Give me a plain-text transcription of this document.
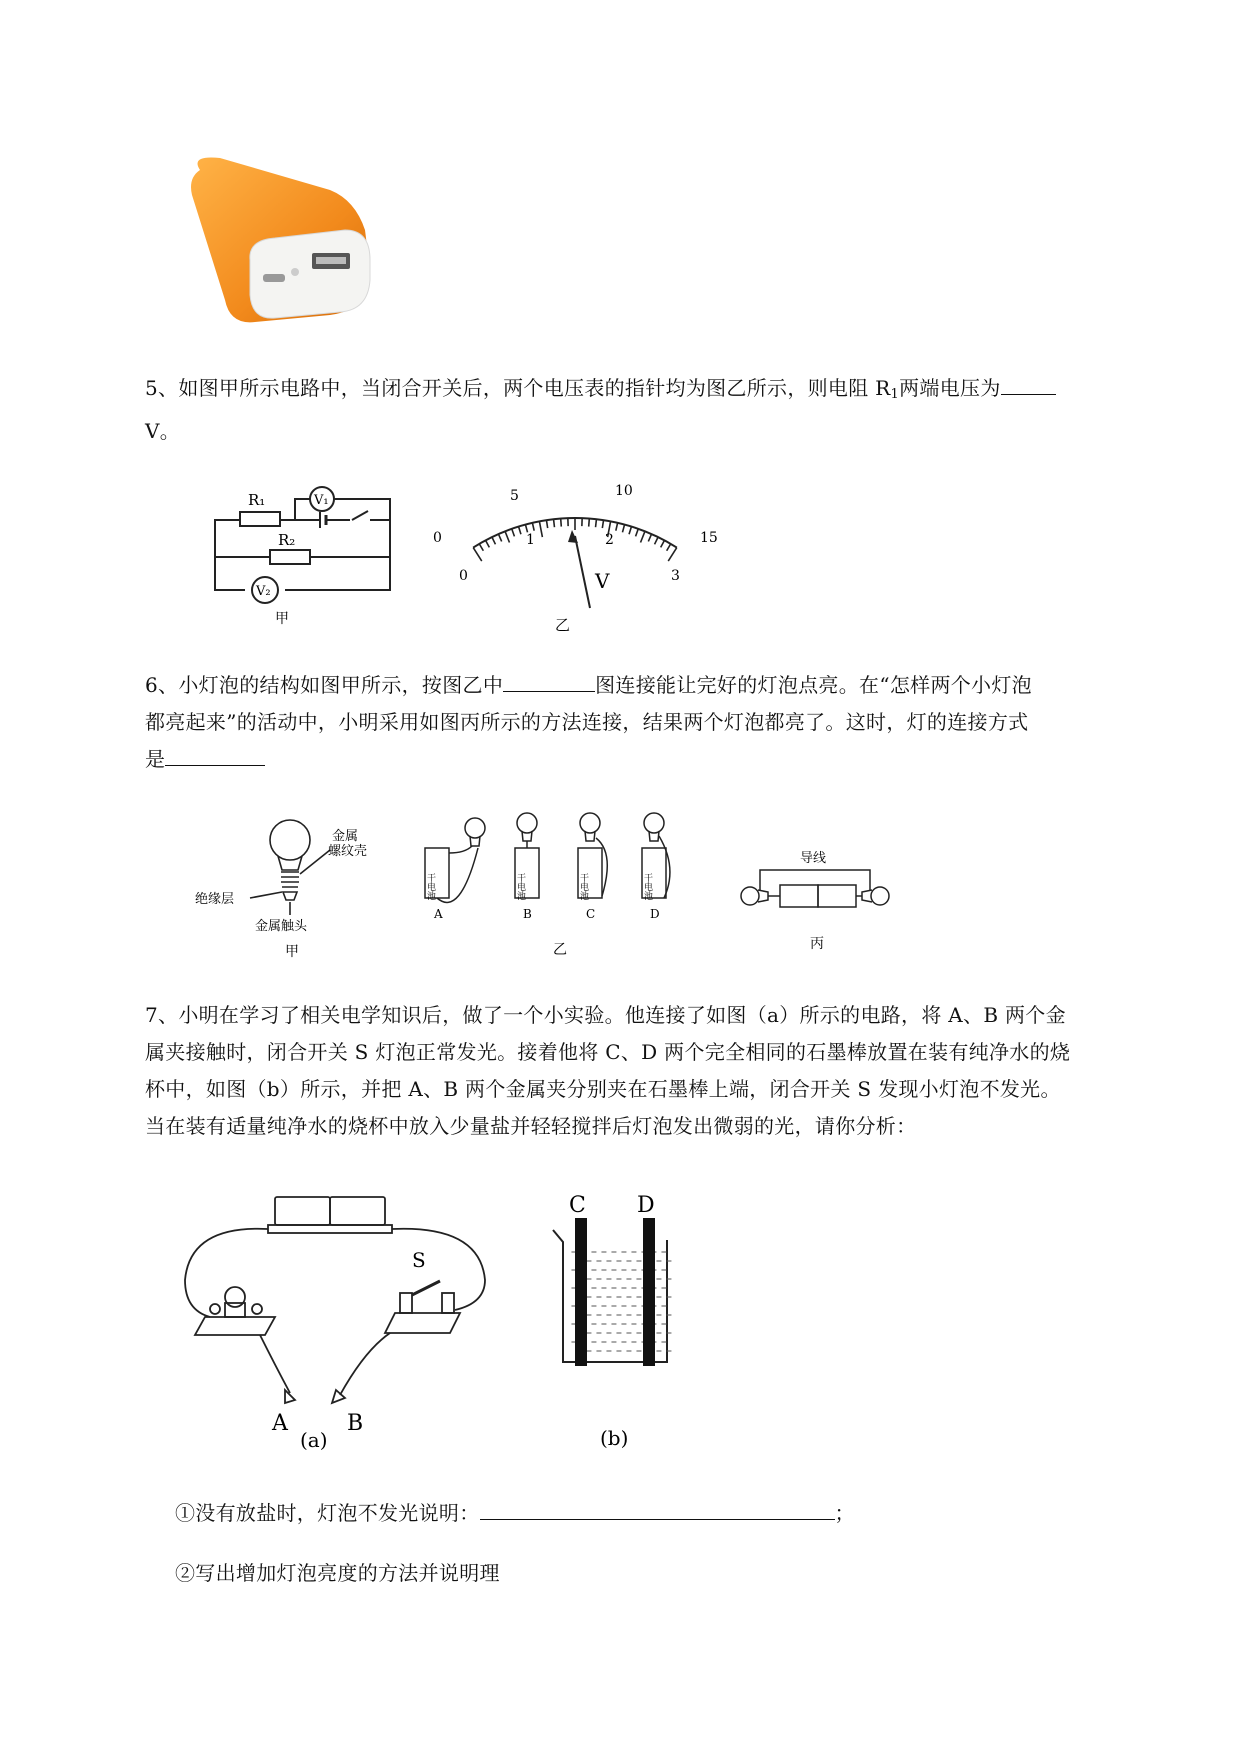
5、如图甲所示电路中，当闭合开关后，两个电压表的指针均为图乙所示，则电阻 $R_1$两端电压为
V。
R₁
R₂
V₁
V₂
甲
0
5	10
15
0
1	2
3
V
乙
6、小灯泡的结构如图甲所示，按图乙中	图连接能让完好的灯泡点亮。在“怎样两个小灯泡
都亮起来”的活动中，小明采用如图丙所示的方法连接，结果两个灯泡都亮了。这时，灯的连接方式
是
金属螺纹壳
绝缘层
金属触头
甲
干电池	干电池	干电池	干电池
A	B	C	D
乙
导线
丙
7、小明在学习了相关电学知识后，做了一个小实验。他连接了如图（a）所示的电路，将 A、B 两个金
属夹接触时，闭合开关 S 灯泡正常发光。接着他将 C、D 两个完全相同的石墨棒放置在装有纯净水的烧
杯中，如图（b）所示，并把 A、B 两个金属夹分别夹在石墨棒上端，闭合开关 S 发现小灯泡不发光。
当在装有适量纯净水的烧杯中放入少量盐并轻轻搅拌后灯泡发出微弱的光，请你分析：
S
A	B
(a)
C D
(b)
①没有放盐时，灯泡不发光说明：	；
②写出增加灯泡亮度的方法并说明理
